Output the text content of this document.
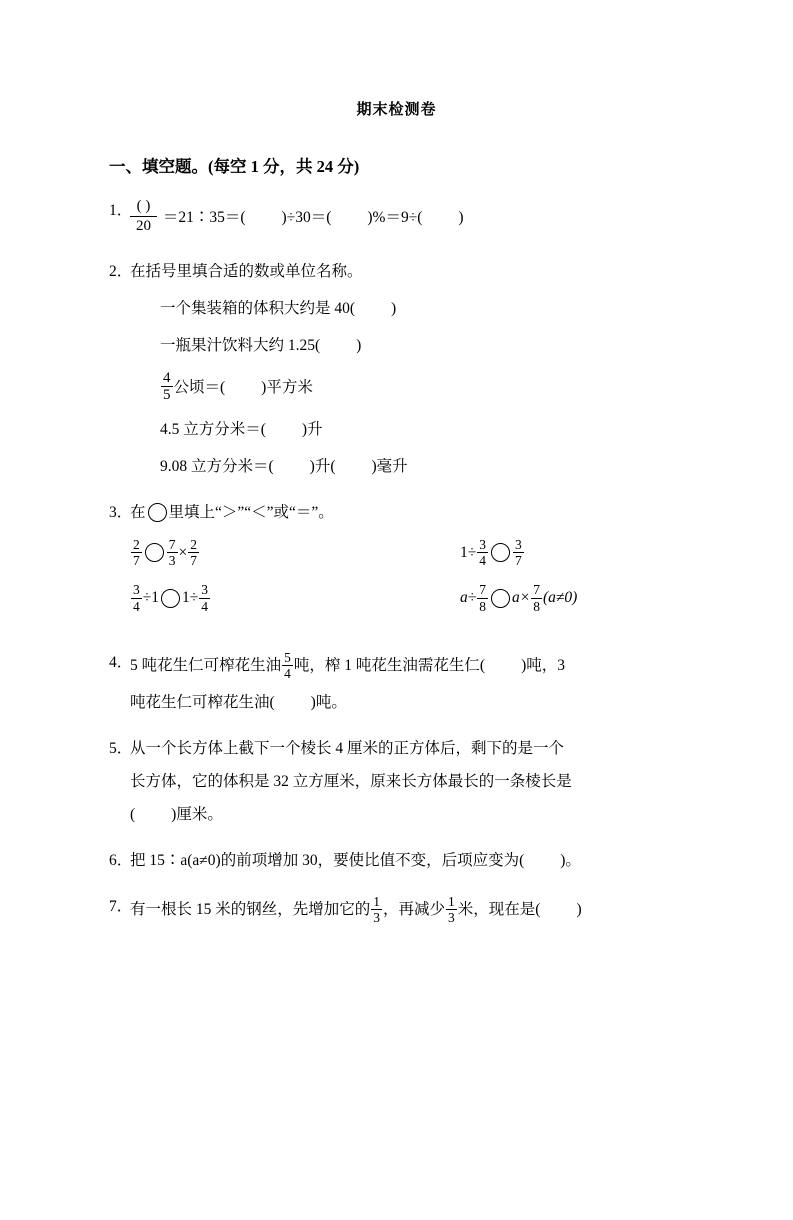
期末检测卷
一、填空题。(每空 1 分，共 24 分)
1．
$\frac{( )}{20}$ ＝21∶35＝( )÷30＝( )%＝9÷( )
2．
在括号里填合适的数或单位名称。
一个集装箱的体积大约是 40( )
一瓶果汁饮料大约 1.25( )
$\frac{4}{5}$ 公顷＝( )平方米
4.5 立方分米＝( )升
9.08 立方分米＝( )升( )毫升
3．
在 里填上“＞”“＜”或“＝”。
$\frac{2}{7} \frac{7}{3} \times \frac{2}{7}$	$1\div \frac{3}{4} \frac{3}{7}$
$\frac{3}{4} \div 1$ $1\div \frac{3}{4}$	$a\div \frac{7}{8} a\times \frac{7}{8} (a\ne 0)$
4．
5 吨花生仁可榨花生油 $\frac{5}{4}$ 吨，榨 1 吨花生油需花生仁( )吨，3
吨花生仁可榨花生油( )吨。
5．
从一个长方体上截下一个棱长 4 厘米的正方体后，剩下的是一个
长方体，它的体积是 32 立方厘米，原来长方体最长的一条棱长是
( )厘米。
6．
把 15∶a(a≠0)的前项增加 30，要使比值不变，后项应变为( )。
7．
有一根长 15 米的钢丝，先增加它的 $\frac{1}{3}$ ，再减少 $\frac{1}{3}$ 米，现在是( )
